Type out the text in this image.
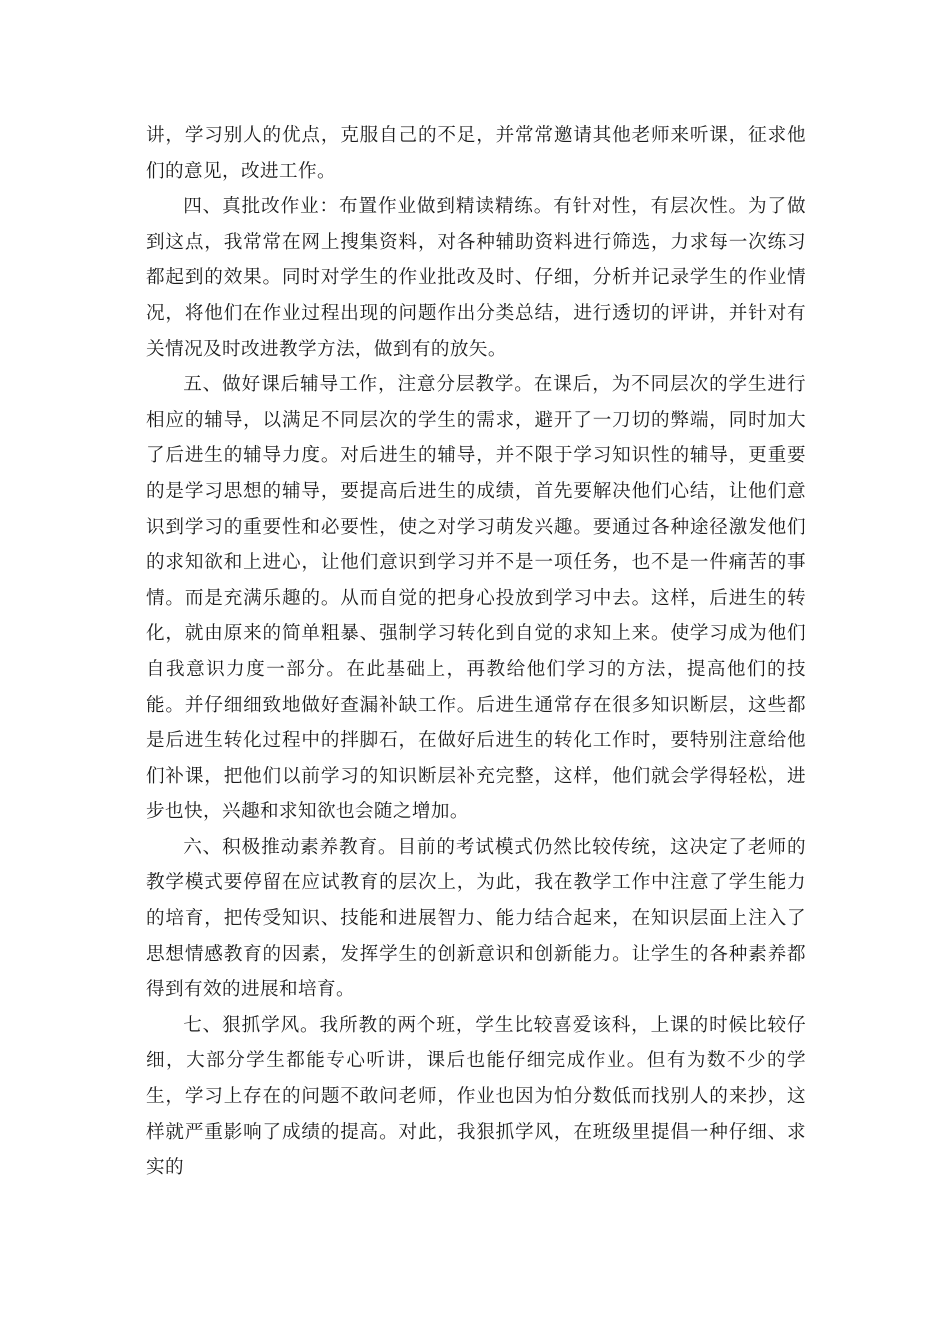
讲，学习别人的优点，克服自己的不足，并常常邀请其他老师来听课，征求他们的意见，改进工作。

四、真批改作业：布置作业做到精读精练。有针对性，有层次性。为了做到这点，我常常在网上搜集资料，对各种辅助资料进行筛选，力求每一次练习都起到的效果。同时对学生的作业批改及时、仔细，分析并记录学生的作业情况，将他们在作业过程出现的问题作出分类总结，进行透切的评讲，并针对有关情况及时改进教学方法，做到有的放矢。

五、做好课后辅导工作，注意分层教学。在课后，为不同层次的学生进行相应的辅导，以满足不同层次的学生的需求，避开了一刀切的弊端，同时加大了后进生的辅导力度。对后进生的辅导，并不限于学习知识性的辅导，更重要的是学习思想的辅导，要提高后进生的成绩，首先要解决他们心结，让他们意识到学习的重要性和必要性，使之对学习萌发兴趣。要通过各种途径激发他们的求知欲和上进心，让他们意识到学习并不是一项任务，也不是一件痛苦的事情。而是充满乐趣的。从而自觉的把身心投放到学习中去。这样，后进生的转化，就由原来的简单粗暴、强制学习转化到自觉的求知上来。使学习成为他们自我意识力度一部分。在此基础上，再教给他们学习的方法，提高他们的技能。并仔细细致地做好查漏补缺工作。后进生通常存在很多知识断层，这些都是后进生转化过程中的拌脚石，在做好后进生的转化工作时，要特别注意给他们补课，把他们以前学习的知识断层补充完整，这样，他们就会学得轻松，进步也快，兴趣和求知欲也会随之增加。

六、积极推动素养教育。目前的考试模式仍然比较传统，这决定了老师的教学模式要停留在应试教育的层次上，为此，我在教学工作中注意了学生能力的培育，把传受知识、技能和进展智力、能力结合起来，在知识层面上注入了思想情感教育的因素，发挥学生的创新意识和创新能力。让学生的各种素养都得到有效的进展和培育。

七、狠抓学风。我所教的两个班，学生比较喜爱该科，上课的时候比较仔细，大部分学生都能专心听讲，课后也能仔细完成作业。但有为数不少的学生，学习上存在的问题不敢问老师，作业也因为怕分数低而找别人的来抄，这样就严重影响了成绩的提高。对此，我狠抓学风，在班级里提倡一种仔细、求实的
